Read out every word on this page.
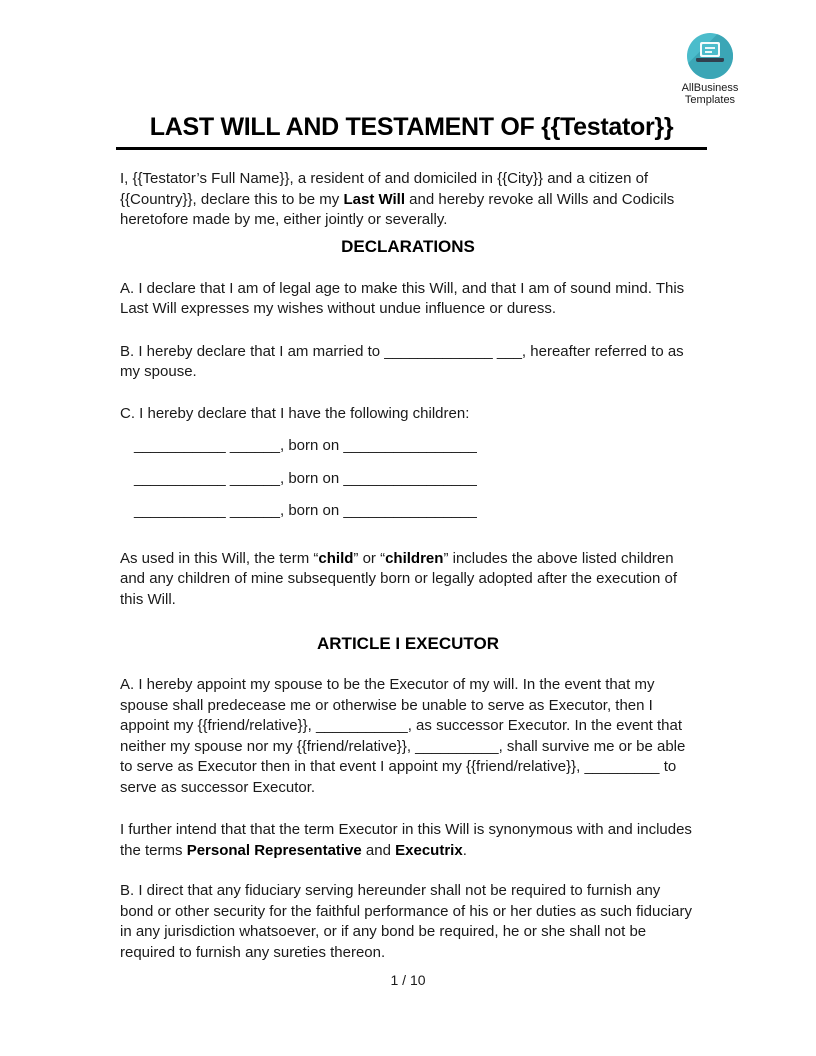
AllBusiness
Templates
LAST WILL AND TESTAMENT OF {{Testator}}

I, {{Testator’s Full Name}}, a resident of and domiciled in {{City}} and a citizen of {{Country}}, declare this to be my Last Will and hereby revoke all Wills and Codicils heretofore made by me, either jointly or severally.

DECLARATIONS

A. I declare that I am of legal age to make this Will, and that I am of sound mind. This Last Will expresses my wishes without undue influence or duress.

B. I hereby declare that I am married to _____________ ___, hereafter referred to as my spouse.

C. I hereby declare that I have the following children:

___________ ______, born on ________________

___________ ______, born on ________________

___________ ______, born on ________________

As used in this Will, the term “child” or “children” includes the above listed children and any children of mine subsequently born or legally adopted after the execution of this Will.

ARTICLE I EXECUTOR

A. I hereby appoint my spouse to be the Executor of my will. In the event that my spouse shall predecease me or otherwise be unable to serve as Executor, then I appoint my {{friend/relative}}, ___________, as successor Executor. In the event that neither my spouse nor my {{friend/relative}}, __________, shall survive me or be able to serve as Executor then in that event I appoint my {{friend/relative}}, _________ to serve as successor Executor.

I further intend that that the term Executor in this Will is synonymous with and includes the terms Personal Representative and Executrix.

B. I direct that any fiduciary serving hereunder shall not be required to furnish any bond or other security for the faithful performance of his or her duties as such fiduciary in any jurisdiction whatsoever, or if any bond be required, he or she shall not be required to furnish any sureties thereon.

1 / 10
